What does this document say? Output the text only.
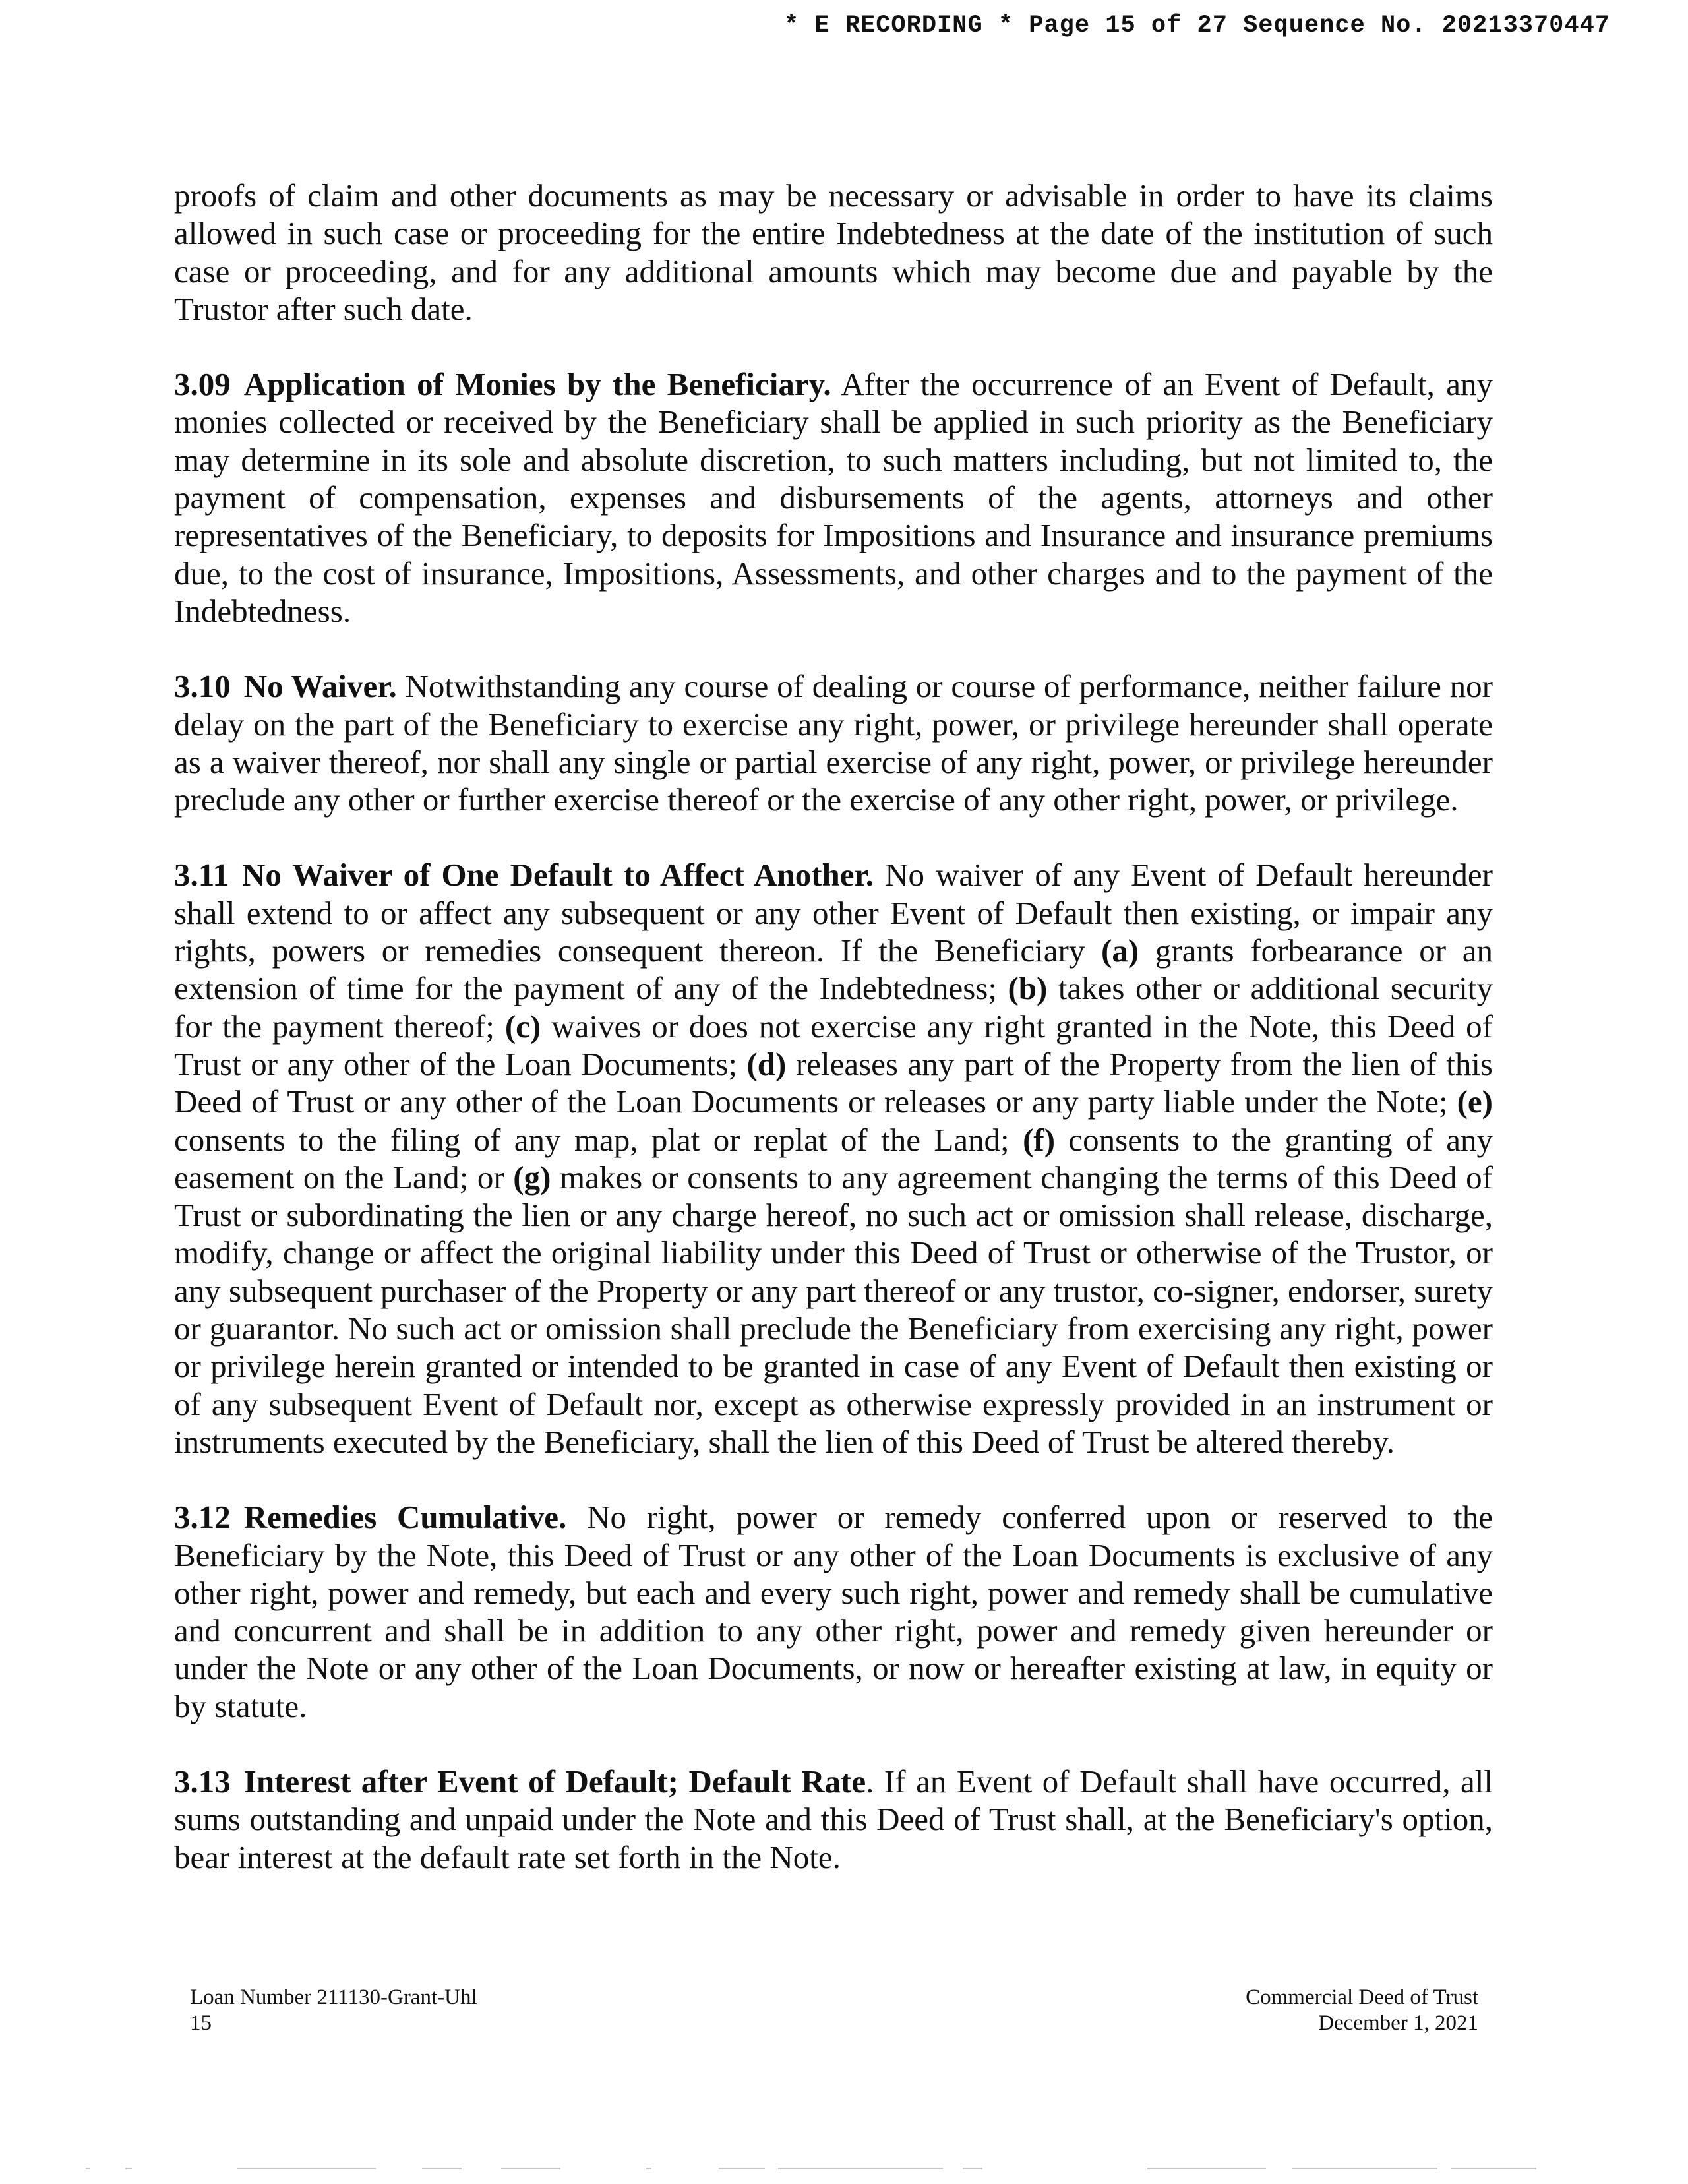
* E RECORDING * Page 15 of 27 Sequence No. 20213370447

proofs of claim and other documents as may be necessary or advisable in order to have its claims allowed in such case or proceeding for the entire Indebtedness at the date of the institution of such case or proceeding, and for any additional amounts which may become due and payable by the Trustor after such date.

3.09 Application of Monies by the Beneficiary. After the occurrence of an Event of Default, any monies collected or received by the Beneficiary shall be applied in such priority as the Beneficiary may determine in its sole and absolute discretion, to such matters including, but not limited to, the payment of compensation, expenses and disbursements of the agents, attorneys and other representatives of the Beneficiary, to deposits for Impositions and Insurance and insurance premiums due, to the cost of insurance, Impositions, Assessments, and other charges and to the payment of the Indebtedness.

3.10 No Waiver. Notwithstanding any course of dealing or course of performance, neither failure nor delay on the part of the Beneficiary to exercise any right, power, or privilege hereunder shall operate as a waiver thereof, nor shall any single or partial exercise of any right, power, or privilege hereunder preclude any other or further exercise thereof or the exercise of any other right, power, or privilege.

3.11 No Waiver of One Default to Affect Another. No waiver of any Event of Default hereunder shall extend to or affect any subsequent or any other Event of Default then existing, or impair any rights, powers or remedies consequent thereon. If the Beneficiary (a) grants forbearance or an extension of time for the payment of any of the Indebtedness; (b) takes other or additional security for the payment thereof; (c) waives or does not exercise any right granted in the Note, this Deed of Trust or any other of the Loan Documents; (d) releases any part of the Property from the lien of this Deed of Trust or any other of the Loan Documents or releases or any party liable under the Note; (e) consents to the filing of any map, plat or replat of the Land; (f) consents to the granting of any easement on the Land; or (g) makes or consents to any agreement changing the terms of this Deed of Trust or subordinating the lien or any charge hereof, no such act or omission shall release, discharge, modify, change or affect the original liability under this Deed of Trust or otherwise of the Trustor, or any subsequent purchaser of the Property or any part thereof or any trustor, co-signer, endorser, surety or guarantor. No such act or omission shall preclude the Beneficiary from exercising any right, power or privilege herein granted or intended to be granted in case of any Event of Default then existing or of any subsequent Event of Default nor, except as otherwise expressly provided in an instrument or instruments executed by the Beneficiary, shall the lien of this Deed of Trust be altered thereby.

3.12 Remedies Cumulative. No right, power or remedy conferred upon or reserved to the Beneficiary by the Note, this Deed of Trust or any other of the Loan Documents is exclusive of any other right, power and remedy, but each and every such right, power and remedy shall be cumulative and concurrent and shall be in addition to any other right, power and remedy given hereunder or under the Note or any other of the Loan Documents, or now or hereafter existing at law, in equity or by statute.

3.13 Interest after Event of Default; Default Rate. If an Event of Default shall have occurred, all sums outstanding and unpaid under the Note and this Deed of Trust shall, at the Beneficiary's option, bear interest at the default rate set forth in the Note.

Loan Number 211130-Grant-Uhl
15
Commercial Deed of Trust
December 1, 2021
